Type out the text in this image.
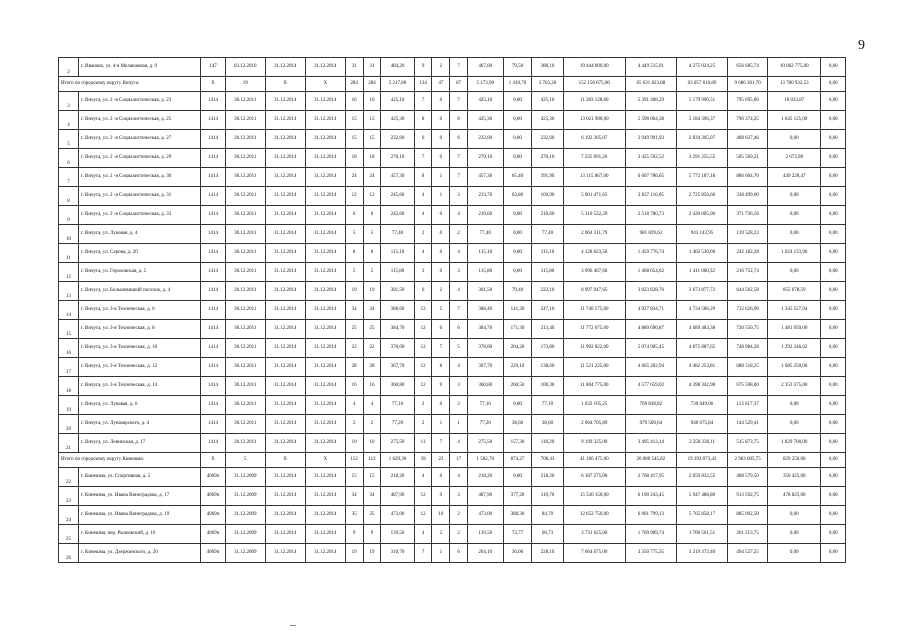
9
2	г. Иваново, ул. 4-я Меланжевая, д. 9	147	03.12.2010	31.12.2014	31.12.2014	31	31	484,20	9	2	7	467,60	79,50	388,10	19 444 000,00	4 449 515,01	4 275 024,25	656 685,74	10 062 775,00	0,00
Итого по городскому округу Вичуга:		X	19	X	X	284	284	5 217,80	134	47	87	5 173,90	1 410,70	3 763,20	152 156 675,00	65 631 823,88	63 057 616,89	9 686 301,70	13 780 932,53	0,00
3	г. Вичуга, ул. 2 -я Социалистическая, д. 23	1414	30.12.2011	31.12.2014	31.12.2014	16	16	425,10	7	0	7	425,10	0,00	425,10	11 383 128,60	5 391 408,29	5 179 990,51	795 695,80	16 033,87	0,00
4	г. Вичуга, ул. 2 -я Социалистическая, д. 25	1414	30.12.2011	31.12.2014	31.12.2014	15	15	425,30	8	0	8	425,30	0,00	425,30	13 021 900,00	5 596 004,38	5 184 396,37	796 374,25	1 645 125,00	0,00
5	г. Вичуга, ул. 2 -я Социалистическая, д. 27	1414	30.12.2011	31.12.2014	31.12.2014	15	15	232,60	6	0	6	232,60	0,00	232,60	6 192 305,07	2 949 991,93	2 834 305,07	408 637,46	0,00	0,00
6	г. Вичуга, ул. 2 -я Социалистическая, д. 29	1414	30.12.2011	31.12.2014	31.12.2014	18	18	270,10	7	0	7	270,10	0,00	270,10	7 225 091,26	3 425 592,52	3 291 255,55	505 569,21	2 673,98	0,00
7	г. Вичуга, ул. 2 -я Социалистическая, д. 30	1414	30.12.2011	31.12.2014	31.12.2014	24	24	457,30	8	1	7	457,30	65,40	391,90	13 115 867,00	6 007 786,65	5 772 187,18	886 664,70	449 228,47	0,00
8	г. Вичуга, ул. 2 -я Социалистическая, д. 31	1414	30.12.2011	31.12.2014	31.12.2014	12	12	245,60	4	1	3	233,70	63,80	169,90	5 901 471,65	2 837 116,05	2 725 856,60	338 499,00	0,00	0,00
9	г. Вичуга, ул. 2 -я Социалистическая, д. 33	1414	30.12.2011	31.12.2014	31.12.2014	6	6	242,60	4	0	4	210,60	0,00	210,60	5 310 522,29	2 518 780,73	2 420 005,00	371 736,56	0,00	0,00
10	г. Вичуга, ул. Луковая, д. 4	1414	30.12.2011	31.12.2014	31.12.2014	5	5	77,40	2	0	2	77,40	0,00	77,40	2 064 311,79	981 839,62	943 143,95	139 528,22	0,00	0,00
11	г. Вичуга, ул. Серова, д. 20	1414	30.12.2011	31.12.2014	31.12.2014	8	8	115,10	4	0	4	115,10	0,00	115,10	4 128 623,58	1 459 776,74	1 402 530,60	242 182,28	1 024 133,96	0,00
12	г. Вичуга, ул. Гороховская, д. 5	1414	30.12.2011	31.12.2014	31.12.2014	5	5	115,80	3	0	3	115,80	0,00	115,80	3 096 467,68	1 468 654,62	1 411 060,32	216 752,74	0,00	0,00
13	г. Вичуга, ул. Большевицкий поселок, д. 4	1414	30.12.2011	31.12.2014	31.12.2014	19	19	301,50	6	2	4	301,50	79,40	222,10	8 997 947,65	3 823 828,76	3 673 877,72	644 562,58	855 678,59	0,00
14	г. Вичуга, ул. 3-я Техническая, д. 6	1414	30.12.2011	31.12.2014	31.12.2014	34	34	388,60	12	5	7	388,40	141,30	247,10	11 740 575,00	4 927 834,71	4 734 586,29	732 626,96	1 345 527,04	0,00
15	г. Вичуга, ул. 3-я Техническая, д. 8	1414	30.12.2011	31.12.2014	31.12.2014	25	25	384,70	12	6	6	384,70	171,30	213,40	11 772 675,00	4 880 690,87	4 689 483,38	720 550,75	1 481 950,00	0,00
16	г. Вичуга, ул. 3-я Техническая, д. 10	1414	30.12.2011	31.12.2014	31.12.2014	22	22	378,00	12	7	5	378,00	204,20	173,80	11 992 022,00	5 074 905,45	4 875 887,65	748 984,28	1 292 246,62	0,00
17	г. Вичуга, ул. 3-я Техническая, д. 12	1414	30.12.2011	31.12.2014	31.12.2014	28	28	367,70	12	8	4	367,70	229,10	138,60	11 521 225,00	4 665 202,94	4 482 253,81	688 518,25	1 685 250,00	0,00
18	г. Вичуга, ул. 3-я Техническая, д. 14	1414	30.12.2011	31.12.2014	31.12.2014	16	16	360,80	12	9	3	360,80	260,50	100,30	11 804 775,00	4 577 659,02	4 398 342,98	675 598,00	2 153 375,00	0,00
19	г. Вичуга, ул. Луковая, д. 6	1414	30.12.2011	31.12.2014	31.12.2014	4	4	77,10	2	0	2	77,10	0,00	77,10	1 633 105,25	769 838,82	739 649,06	113 617,37	0,00	0,00
20	г. Вичуга, ул. Луначарского, д. 4	1414	30.12.2011	31.12.2014	31.12.2014	2	2	77,20	2	1	1	77,20	38,60	38,60	2 064 705,89	979 500,64	940 675,84	144 529,41	0,00	0,00
21	г. Вичуга, ул. Ленинская, д. 17	1414	30.12.2011	31.12.2014	31.12.2014	10	10	275,50	11	7	4	275,50	157,30	118,20	9 199 325,00	3 495 413,14	3 358 338,11	515 873,75	1 829 700,00	0,00
Итого по городскому округу Кинешма:		X	5	X	X	112	112	1 629,30	39	22	17	1 582,70	874,27	708,43	41 166 475,00	20 080 545,82	19 293 073,43	2 963 605,75	829 250,00	0,00
22	г. Кинешма, ул. Спортивная, д. 5	4069п	31.12.2009	31.12.2014	31.12.2014	15	15	218,20	4	0	4	218,20	0,00	218,20	6 187 275,00	2 768 417,95	2 659 832,55	408 579,50	350 425,00	0,00
23	г. Кинешма, ул. Ивана Виноградова, д. 17	4069п	31.12.2009	31.12.2014	31.12.2014	34	34	487,90	12	9	3	487,90	377,20	110,70	15 530 150,00	6 190 243,45	5 947 488,80	913 592,75	478 825,00	0,00
24	г. Кинешма, ул. Ивана Виноградова, д. 19	4069п	31.12.2009	31.12.2014	31.12.2014	35	35	473,00	12	10	2	473,00	388,30	84,70	12 652 750,00	6 001 799,13	5 765 858,17	885 092,50	0,00	0,00
25	г. Кинешма, пер. Рылеевский, д. 10	4069п	31.12.2009	31.12.2014	31.12.2014	9	9	139,50	4	2	2	139,50	72,77	66,73	3 731 625,00	1 769 909,74	1 700 501,51	261 213,75	0,00	0,00
26	г. Кинешма, ул. Дзержинского, д. 20	4069п	31.12.2009	31.12.2014	31.12.2014	19	19	310,70	7	1	6	264,10	36,00	228,10	7 064 675,00	3 350 775,35	3 219 372,40	494 527,25	0,00	0,00
